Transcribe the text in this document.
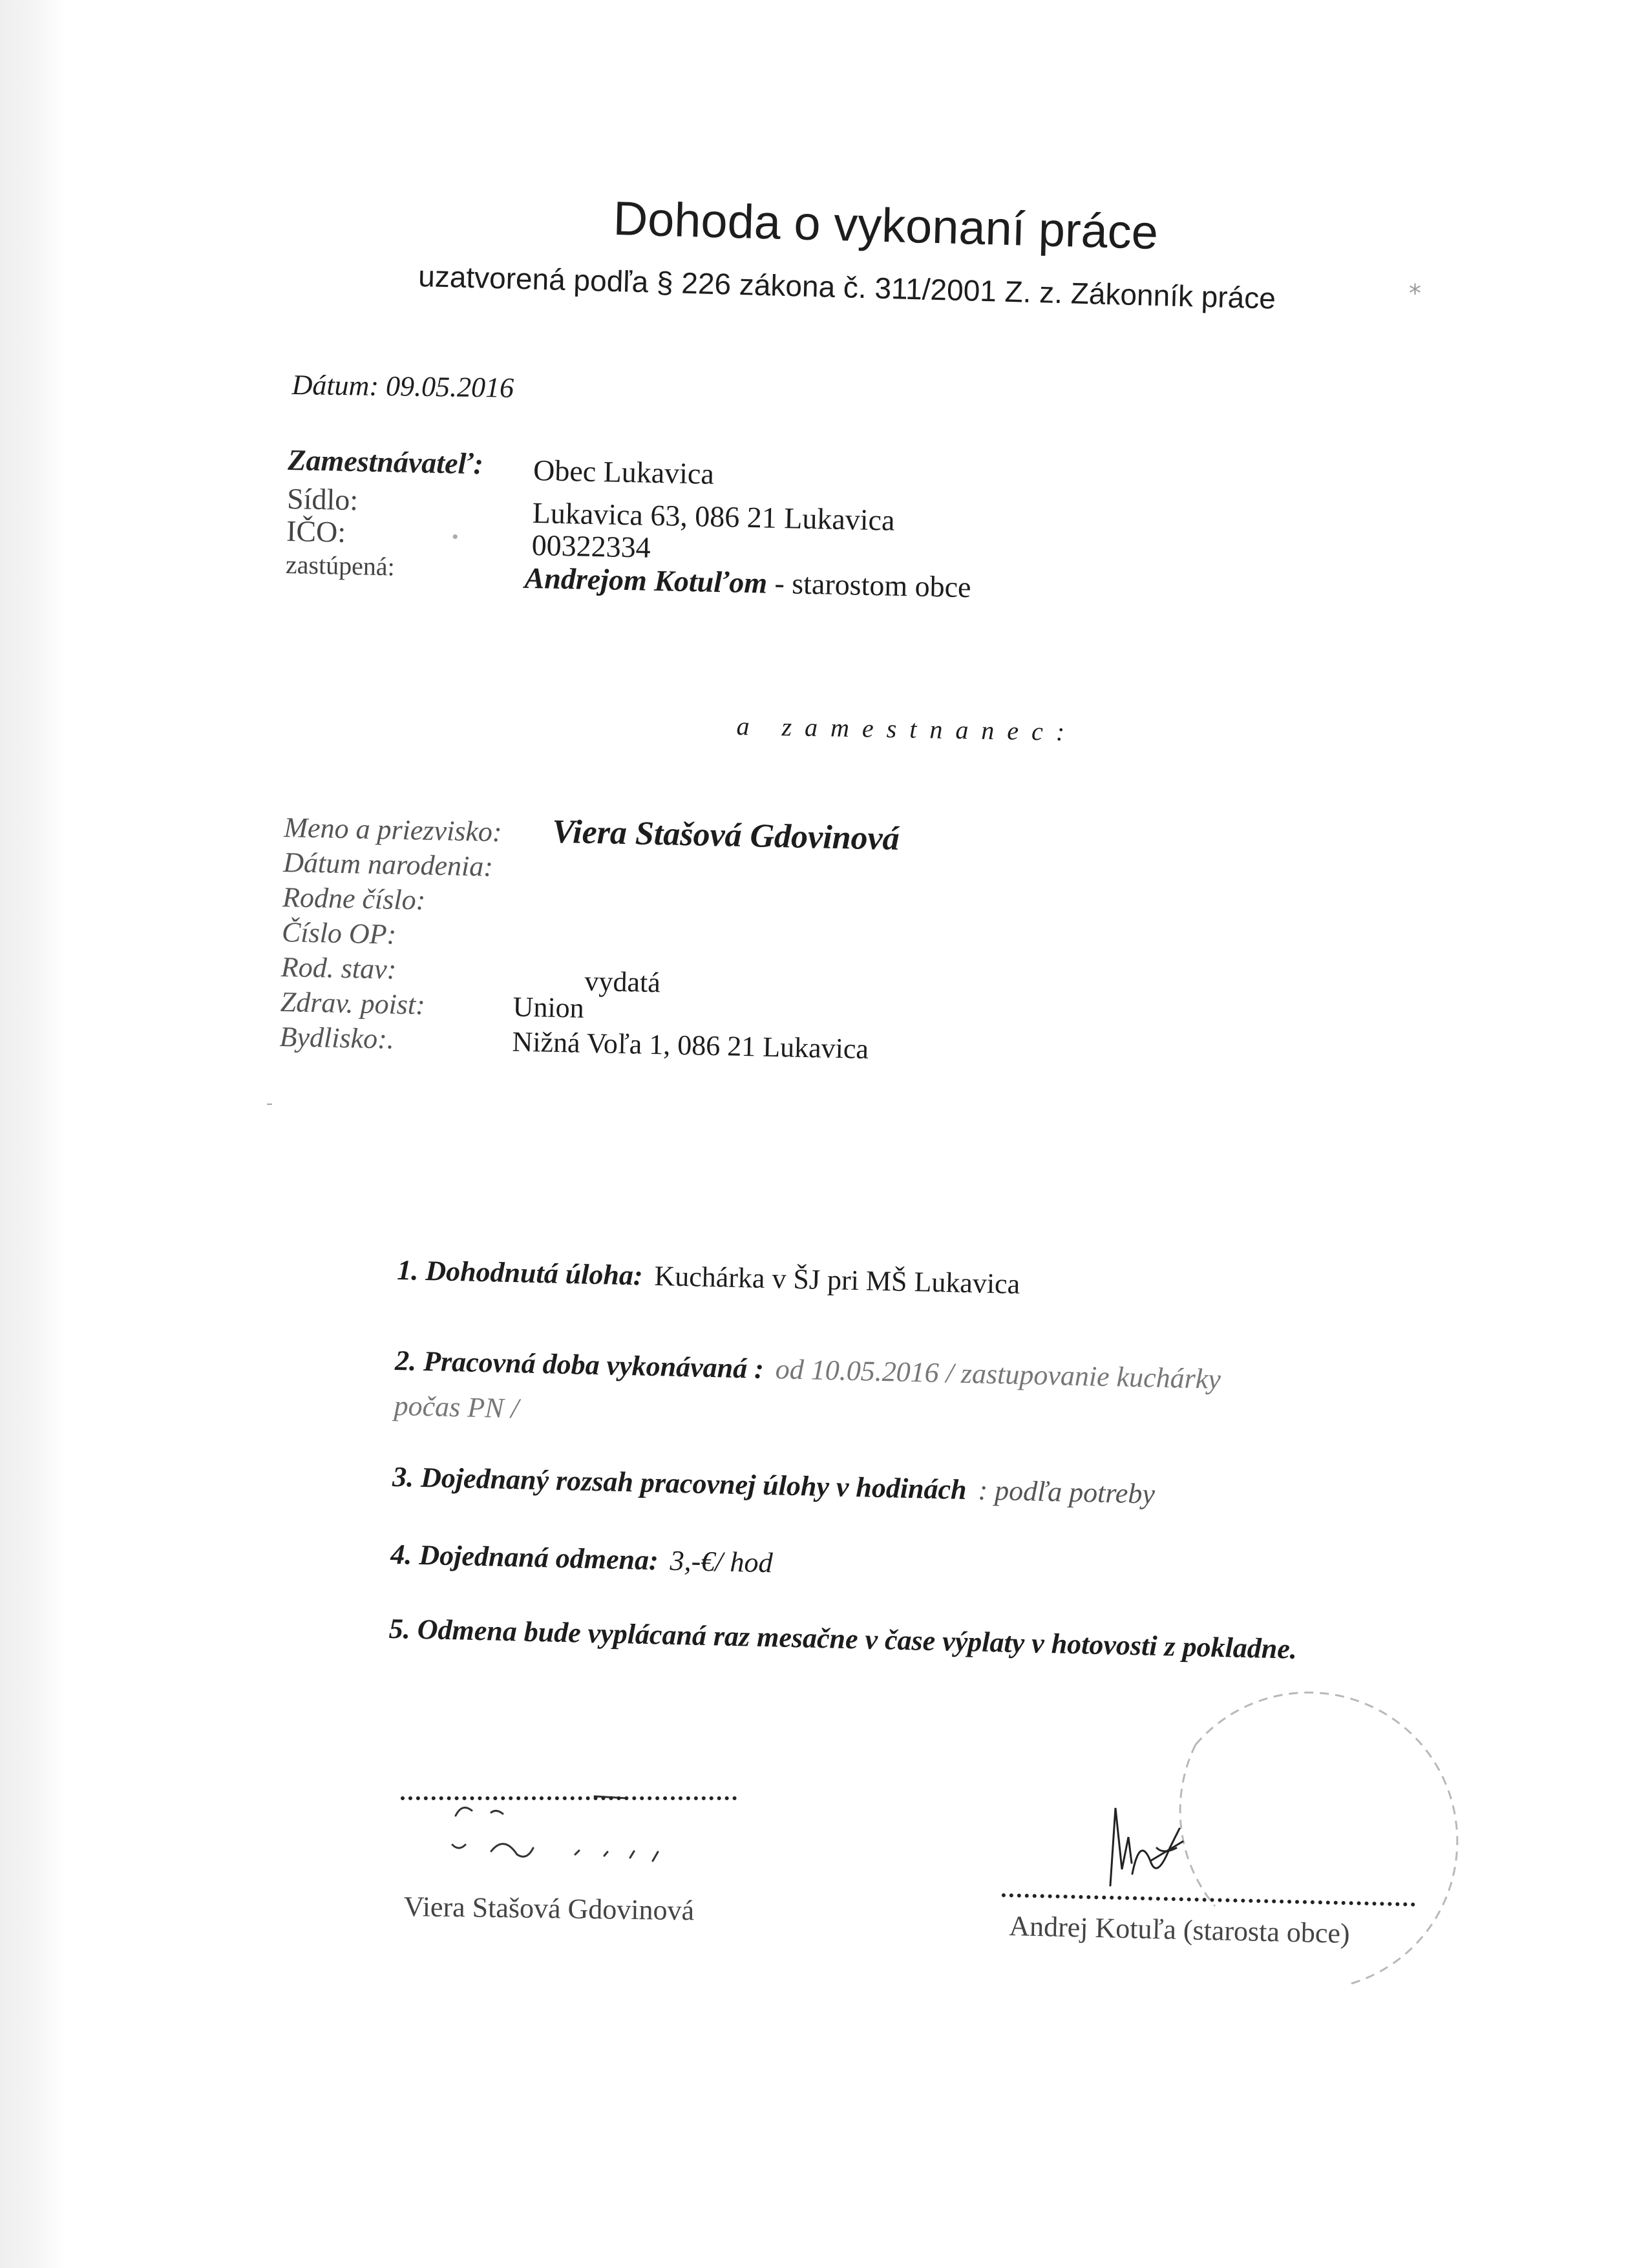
Dohoda o vykonaní práce
uzatvorená podľa § 226 zákona č. 311/2001 Z. z. Zákonník práce	*
Dátum: 09.05.2016
Zamestnávateľ: Obec Lukavica
Sídlo:	Lukavica 63, 086 21 Lukavica
IČO:	• 00322334
zastúpená:	Andrejom Kotuľom - starostom obce
a zamestnanec:
Meno a priezvisko: Viera Stašová Gdovinová
Dátum narodenia:
Rodne číslo:
Číslo OP:
Rod. stav:	vydatá
Zdrav. poist:	Union
Bydlisko:.	Nižná Voľa 1, 086 21 Lukavica
-
1. Dohodnutá úloha: Kuchárka v ŠJ pri MŠ Lukavica
2. Pracovná doba vykonávaná : od 10.05.2016 / zastupovanie kuchárky
počas PN /
3. Dojednaný rozsah pracovnej úlohy v hodinách : podľa potreby
4. Dojednaná odmena: 3,-€/ hod
5. Odmena bude vyplácaná raz mesačne v čase výplaty v hotovosti z pokladne.
Viera Stašová Gdovinová
Andrej Kotuľa (starosta obce)
